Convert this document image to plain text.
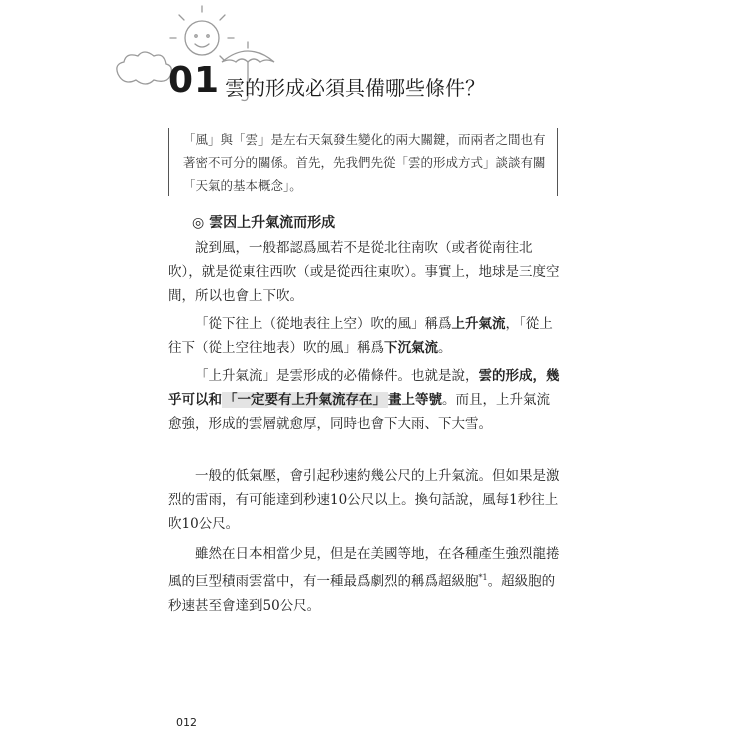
01 雲的形成必須具備哪些條件？

「風」與「雲」是左右天氣發生變化的兩大關鍵，而兩者之間也有著密不可分的關係。首先，先我們先從「雲的形成方式」談談有關「天氣的基本概念」。

◎ 雲因上升氣流而形成

說到風，一般都認爲風若不是從北往南吹（或者從南往北吹），就是從東往西吹（或是從西往東吹）。事實上，地球是三度空間，所以也會上下吹。

「從下往上（從地表往上空）吹的風」稱爲上升氣流，「從上往下（從上空往地表）吹的風」稱爲下沉氣流。

「上升氣流」是雲形成的必備條件。也就是說，雲的形成，幾乎可以和 「一定要有上升氣流存在」 畫上等號。而且，上升氣流愈強，形成的雲層就愈厚，同時也會下大雨、下大雪。

一般的低氣壓，會引起秒速約幾公尺的上升氣流。但如果是激烈的雷雨，有可能達到秒速10公尺以上。換句話說，風每1秒往上吹10公尺。

雖然在日本相當少見，但是在美國等地，在各種產生強烈龍捲風的巨型積雨雲當中，有一種最爲劇烈的稱爲超級胞$^{*1}$。超級胞的秒速甚至會達到50公尺。

012
